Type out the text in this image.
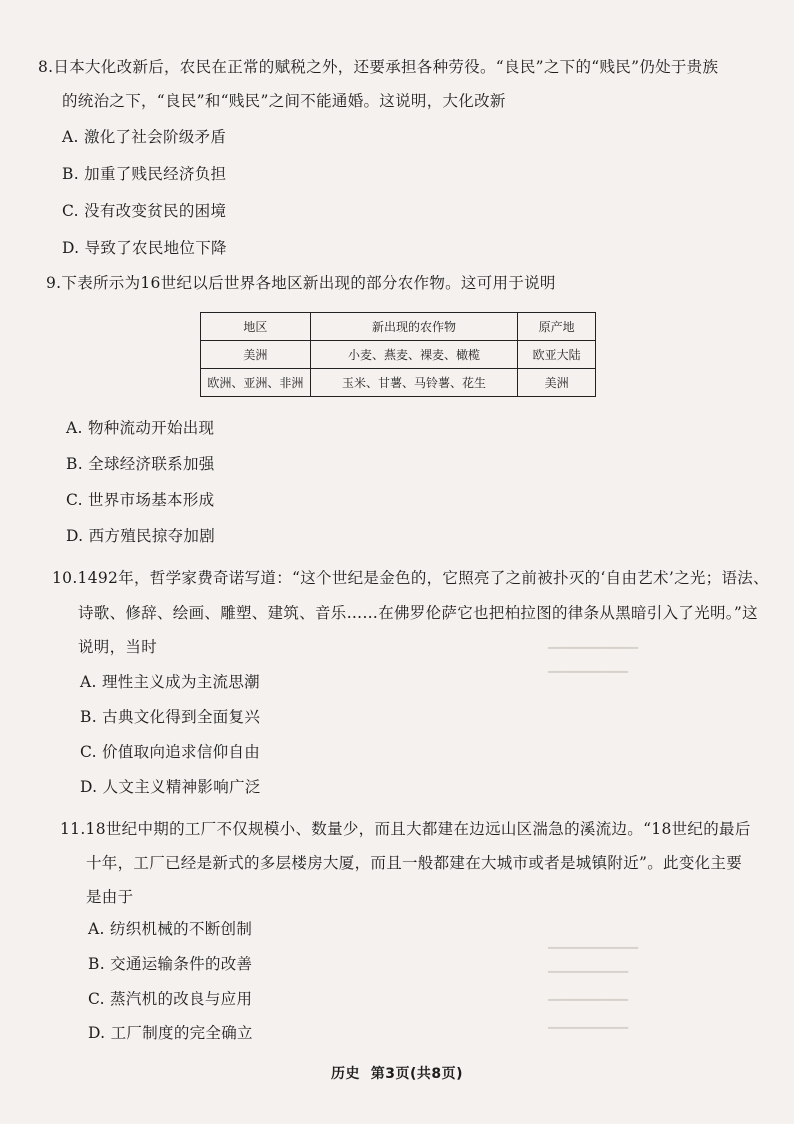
▔▔▔▔▔▔▔▔▔
▔▔▔▔▔▔▔▔
▔▔▔▔▔▔▔▔▔
▔▔▔▔▔▔▔▔
▔▔▔▔▔▔▔▔
▔▔▔▔▔▔▔▔
8.日本大化改新后，农民在正常的赋税之外，还要承担各种劳役。“良民”之下的“贱民”仍处于贵族
的统治之下，“良民”和“贱民”之间不能通婚。这说明，大化改新
A. 激化了社会阶级矛盾
B. 加重了贱民经济负担
C. 没有改变贫民的困境
D. 导致了农民地位下降
9.下表所示为16世纪以后世界各地区新出现的部分农作物。这可用于说明
地区	新出现的农作物	原产地
美洲	小麦、燕麦、裸麦、橄榄	欧亚大陆
欧洲、亚洲、非洲	玉米、甘薯、马铃薯、花生	美洲
A. 物种流动开始出现
B. 全球经济联系加强
C. 世界市场基本形成
D. 西方殖民掠夺加剧
10.1492年，哲学家费奇诺写道：“这个世纪是金色的，它照亮了之前被扑灭的‘自由艺术’之光；语法、
诗歌、修辞、绘画、雕塑、建筑、音乐……在佛罗伦萨它也把柏拉图的律条从黑暗引入了光明。”这
说明，当时
A. 理性主义成为主流思潮
B. 古典文化得到全面复兴
C. 价值取向追求信仰自由
D. 人文主义精神影响广泛
11.18世纪中期的工厂不仅规模小、数量少，而且大都建在边远山区湍急的溪流边。“18世纪的最后
十年，工厂已经是新式的多层楼房大厦，而且一般都建在大城市或者是城镇附近”。此变化主要
是由于
A. 纺织机械的不断创制
B. 交通运输条件的改善
C. 蒸汽机的改良与应用
D. 工厂制度的完全确立
历史  第3页(共8页)
